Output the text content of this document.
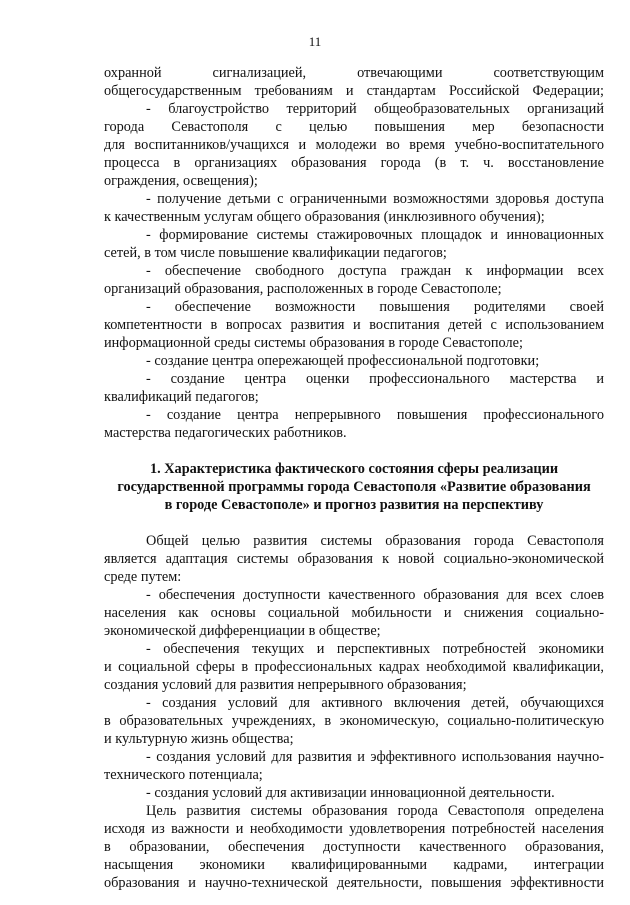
11
охранной сигнализацией, отвечающими соответствующим
общегосударственным требованиям и стандартам Российской Федерации;
- благоустройство территорий общеобразовательных организаций
города Севастополя с целью повышения мер безопасности
для воспитанников/учащихся и молодежи во время учебно-воспитательного
процесса в организациях образования города (в т. ч. восстановление
ограждения, освещения);
- получение детьми с ограниченными возможностями здоровья доступа
к качественным услугам общего образования (инклюзивного обучения);
- формирование системы стажировочных площадок и инновационных
сетей, в том числе повышение квалификации педагогов;
- обеспечение свободного доступа граждан к информации всех
организаций образования, расположенных в городе Севастополе;
- обеспечение возможности повышения родителями своей
компетентности в вопросах развития и воспитания детей с использованием
информационной среды системы образования в городе Севастополе;
- создание центра опережающей профессиональной подготовки;
- создание центра оценки профессионального мастерства и
квалификаций педагогов;
- создание центра непрерывного повышения профессионального
мастерства педагогических работников.
1. Характеристика фактического состояния сферы реализации
государственной программы города Севастополя «Развитие образования
в городе Севастополе» и прогноз развития на перспективу
Общей целью развития системы образования города Севастополя
является адаптация системы образования к новой социально-экономической
среде путем:
- обеспечения доступности качественного образования для всех слоев
населения как основы социальной мобильности и снижения социально-
экономической дифференциации в обществе;
- обеспечения текущих и перспективных потребностей экономики
и социальной сферы в профессиональных кадрах необходимой квалификации,
создания условий для развития непрерывного образования;
- создания условий для активного включения детей, обучающихся
в образовательных учреждениях, в экономическую, социально-политическую
и культурную жизнь общества;
- создания условий для развития и эффективного использования научно-
технического потенциала;
- создания условий для активизации инновационной деятельности.
Цель развития системы образования города Севастополя определена
исходя из важности и необходимости удовлетворения потребностей населения
в образовании, обеспечения доступности качественного образования,
насыщения экономики квалифицированными кадрами, интеграции
образования и научно-технической деятельности, повышения эффективности
